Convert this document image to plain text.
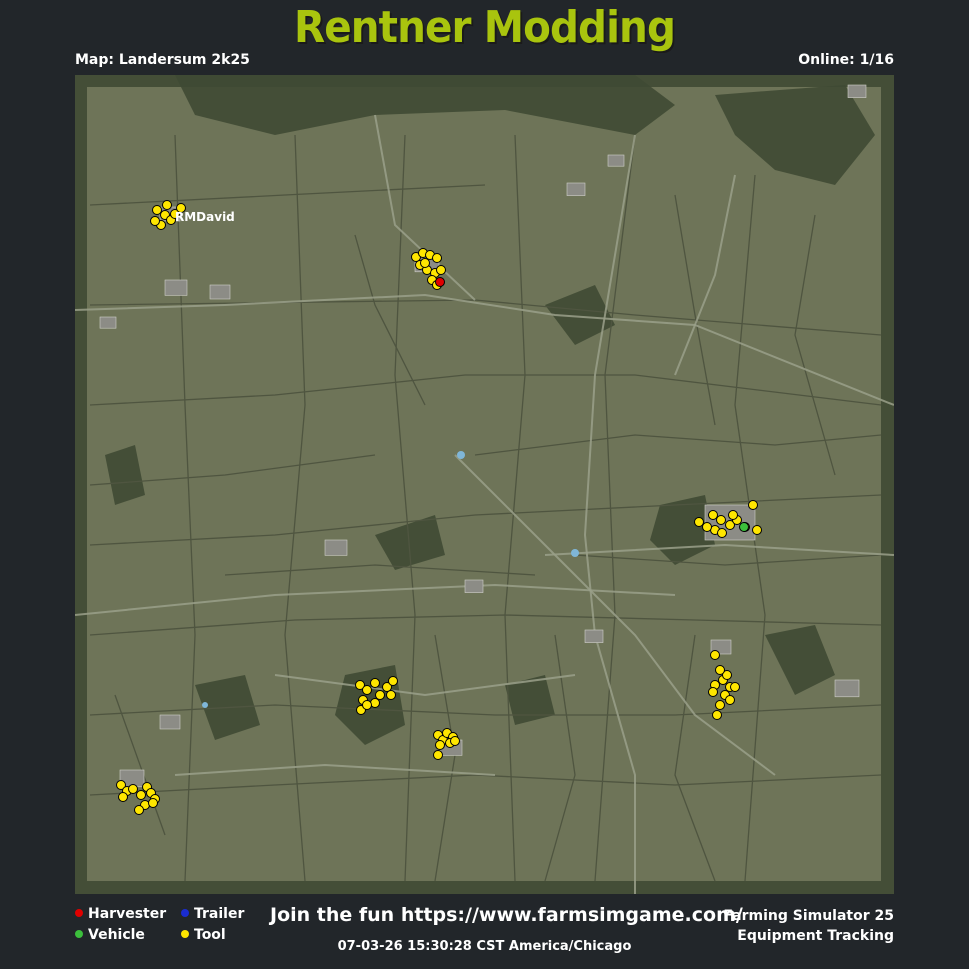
Rentner Modding
Map: Landersum 2k25	Online: 1/16
RMDavid
Harvester	Trailer
Vehicle	Tool
Join the fun https://www.farmsimgame.com/
07-03-26 15:30:28 CST America/Chicago
Farming Simulator 25
Equipment Tracking
